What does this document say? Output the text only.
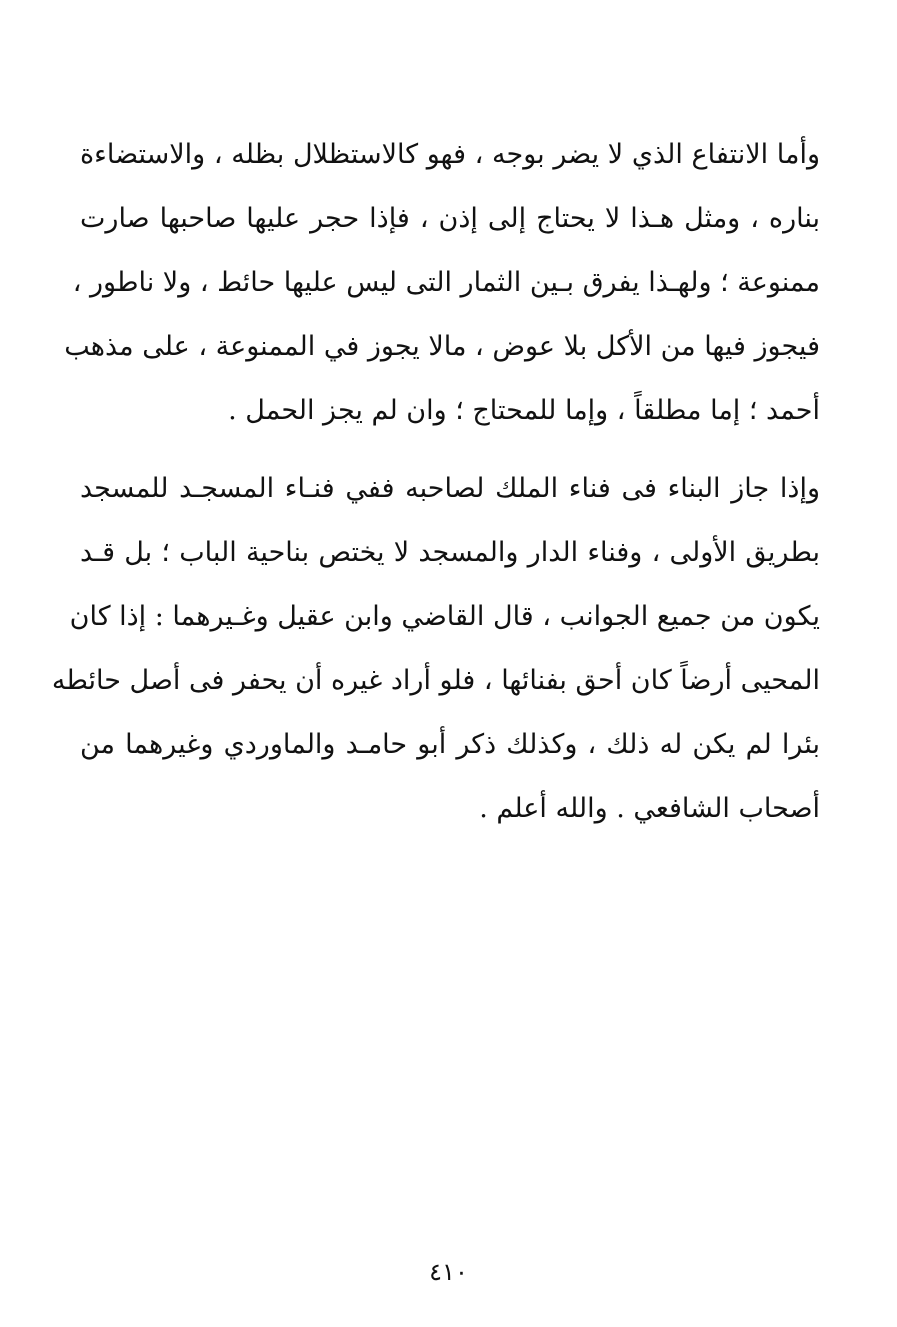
وأما الانتفاع الذي لا يضر بوجه ، فهو كالاستظلال بظله ، والاستضاءة
بناره ، ومثل هـذا لا يحتاج إلى إذن ، فإذا حجر عليها صاحبها صارت
ممنوعة ؛ ولهـذا يفرق بـين الثمار التى ليس عليها حائط ، ولا ناطور ،
فيجوز فيها من الأكل بلا عوض ، مالا يجوز في الممنوعة ، على مذهب
أحمد ؛ إما مطلقاً ، وإما للمحتاج ؛ وان لم يجز الحمل .
وإذا جاز البناء فى فناء الملك لصاحبه ففي فنـاء المسجـد للمسجد
بطريق الأولى ، وفناء الدار والمسجد لا يختص بناحية الباب ؛ بل قـد
يكون من جميع الجوانب ، قال القاضي وابن عقيل وغـيرهما : إذا كان
المحيى أرضاً كان أحق بفنائها ، فلو أراد غيره أن يحفر فى أصل حائطه
بئرا لم يكن له ذلك ، وكذلك ذكر أبو حامـد والماوردي وغيرهما من
أصحاب الشافعي . والله أعلم .
٤١٠
